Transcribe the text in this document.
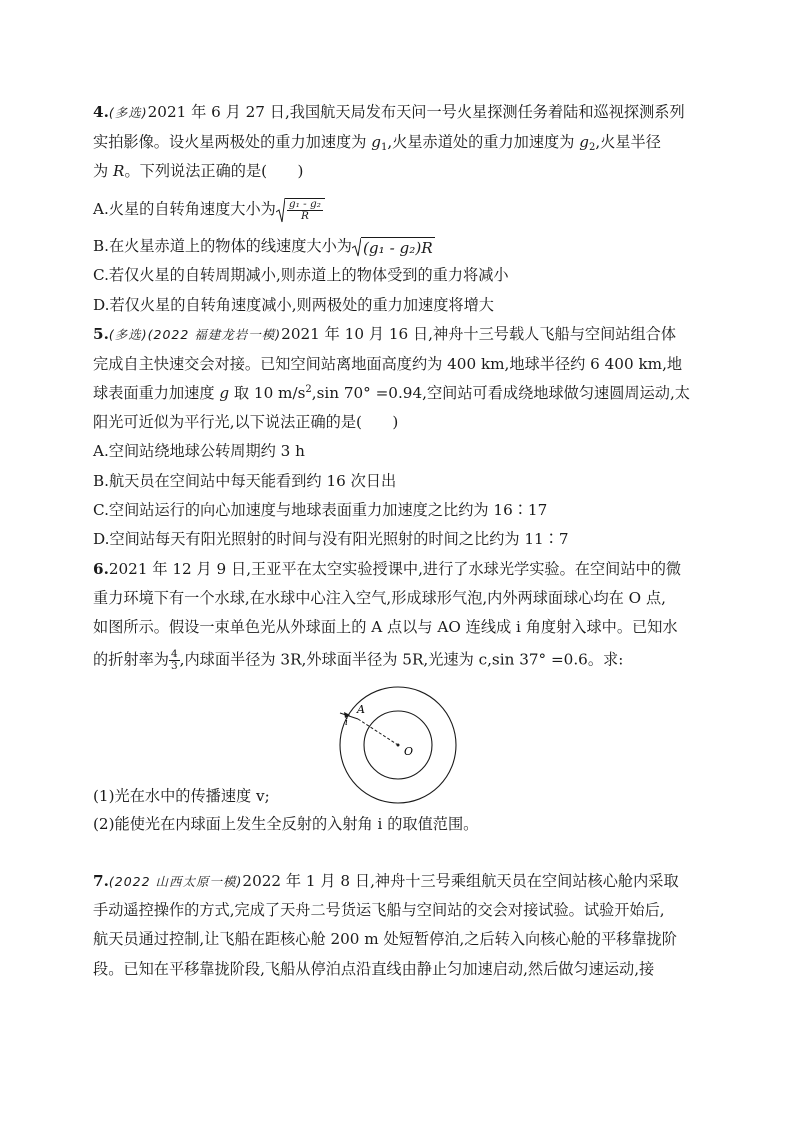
4.(多选)2021 年 6 月 27 日,我国航天局发布天问一号火星探测任务着陆和巡视探测系列
实拍影像。设火星两极处的重力加速度为 $g_1$,火星赤道处的重力加速度为 $g_2$,火星半径
为 R。下列说法正确的是(　　)
A.火星的自转角速度大小为 $\frac{\text{g₁ - g₂}}{R}$
B.在火星赤道上的物体的线速度大小为 (g₁ - g₂)R
C.若仅火星的自转周期减小,则赤道上的物体受到的重力将减小
D.若仅火星的自转角速度减小,则两极处的重力加速度将增大
5.(多选)(2022 福建龙岩一模)2021 年 10 月 16 日,神舟十三号载人飞船与空间站组合体
完成自主快速交会对接。已知空间站离地面高度约为 400 km,地球半径约 6 400 km,地
球表面重力加速度 g 取 10 $m/s^2,\sin$ 70° =0.94,空间站可看成绕地球做匀速圆周运动,太
阳光可近似为平行光,以下说法正确的是(　　)
A.空间站绕地球公转周期约 3 h
B.航天员在空间站中每天能看到约 16 次日出
C.空间站运行的向心加速度与地球表面重力加速度之比约为 16∶17
D.空间站每天有阳光照射的时间与没有阳光照射的时间之比约为 11∶7
6.2021 年 12 月 9 日,王亚平在太空实验授课中,进行了水球光学实验。在空间站中的微
重力环境下有一个水球,在水球中心注入空气,形成球形气泡,内外两球面球心均在 O 点,
如图所示。假设一束单色光从外球面上的 A 点以与 AO 连线成 i 角度射入球中。已知水
的折射率为 $\frac{4}{3}$ ,内球面半径为 3R,外球面半径为 5R,光速为 c,sin 37° =0.6。求:
A
i
O
(1)光在水中的传播速度 v;
(2)能使光在内球面上发生全反射的入射角 i 的取值范围。
7.(2022 山西太原一模)2022 年 1 月 8 日,神舟十三号乘组航天员在空间站核心舱内采取
手动遥控操作的方式,完成了天舟二号货运飞船与空间站的交会对接试验。试验开始后,
航天员通过控制,让飞船在距核心舱 200 m 处短暂停泊,之后转入向核心舱的平移靠拢阶
段。已知在平移靠拢阶段,飞船从停泊点沿直线由静止匀加速启动,然后做匀速运动,接
